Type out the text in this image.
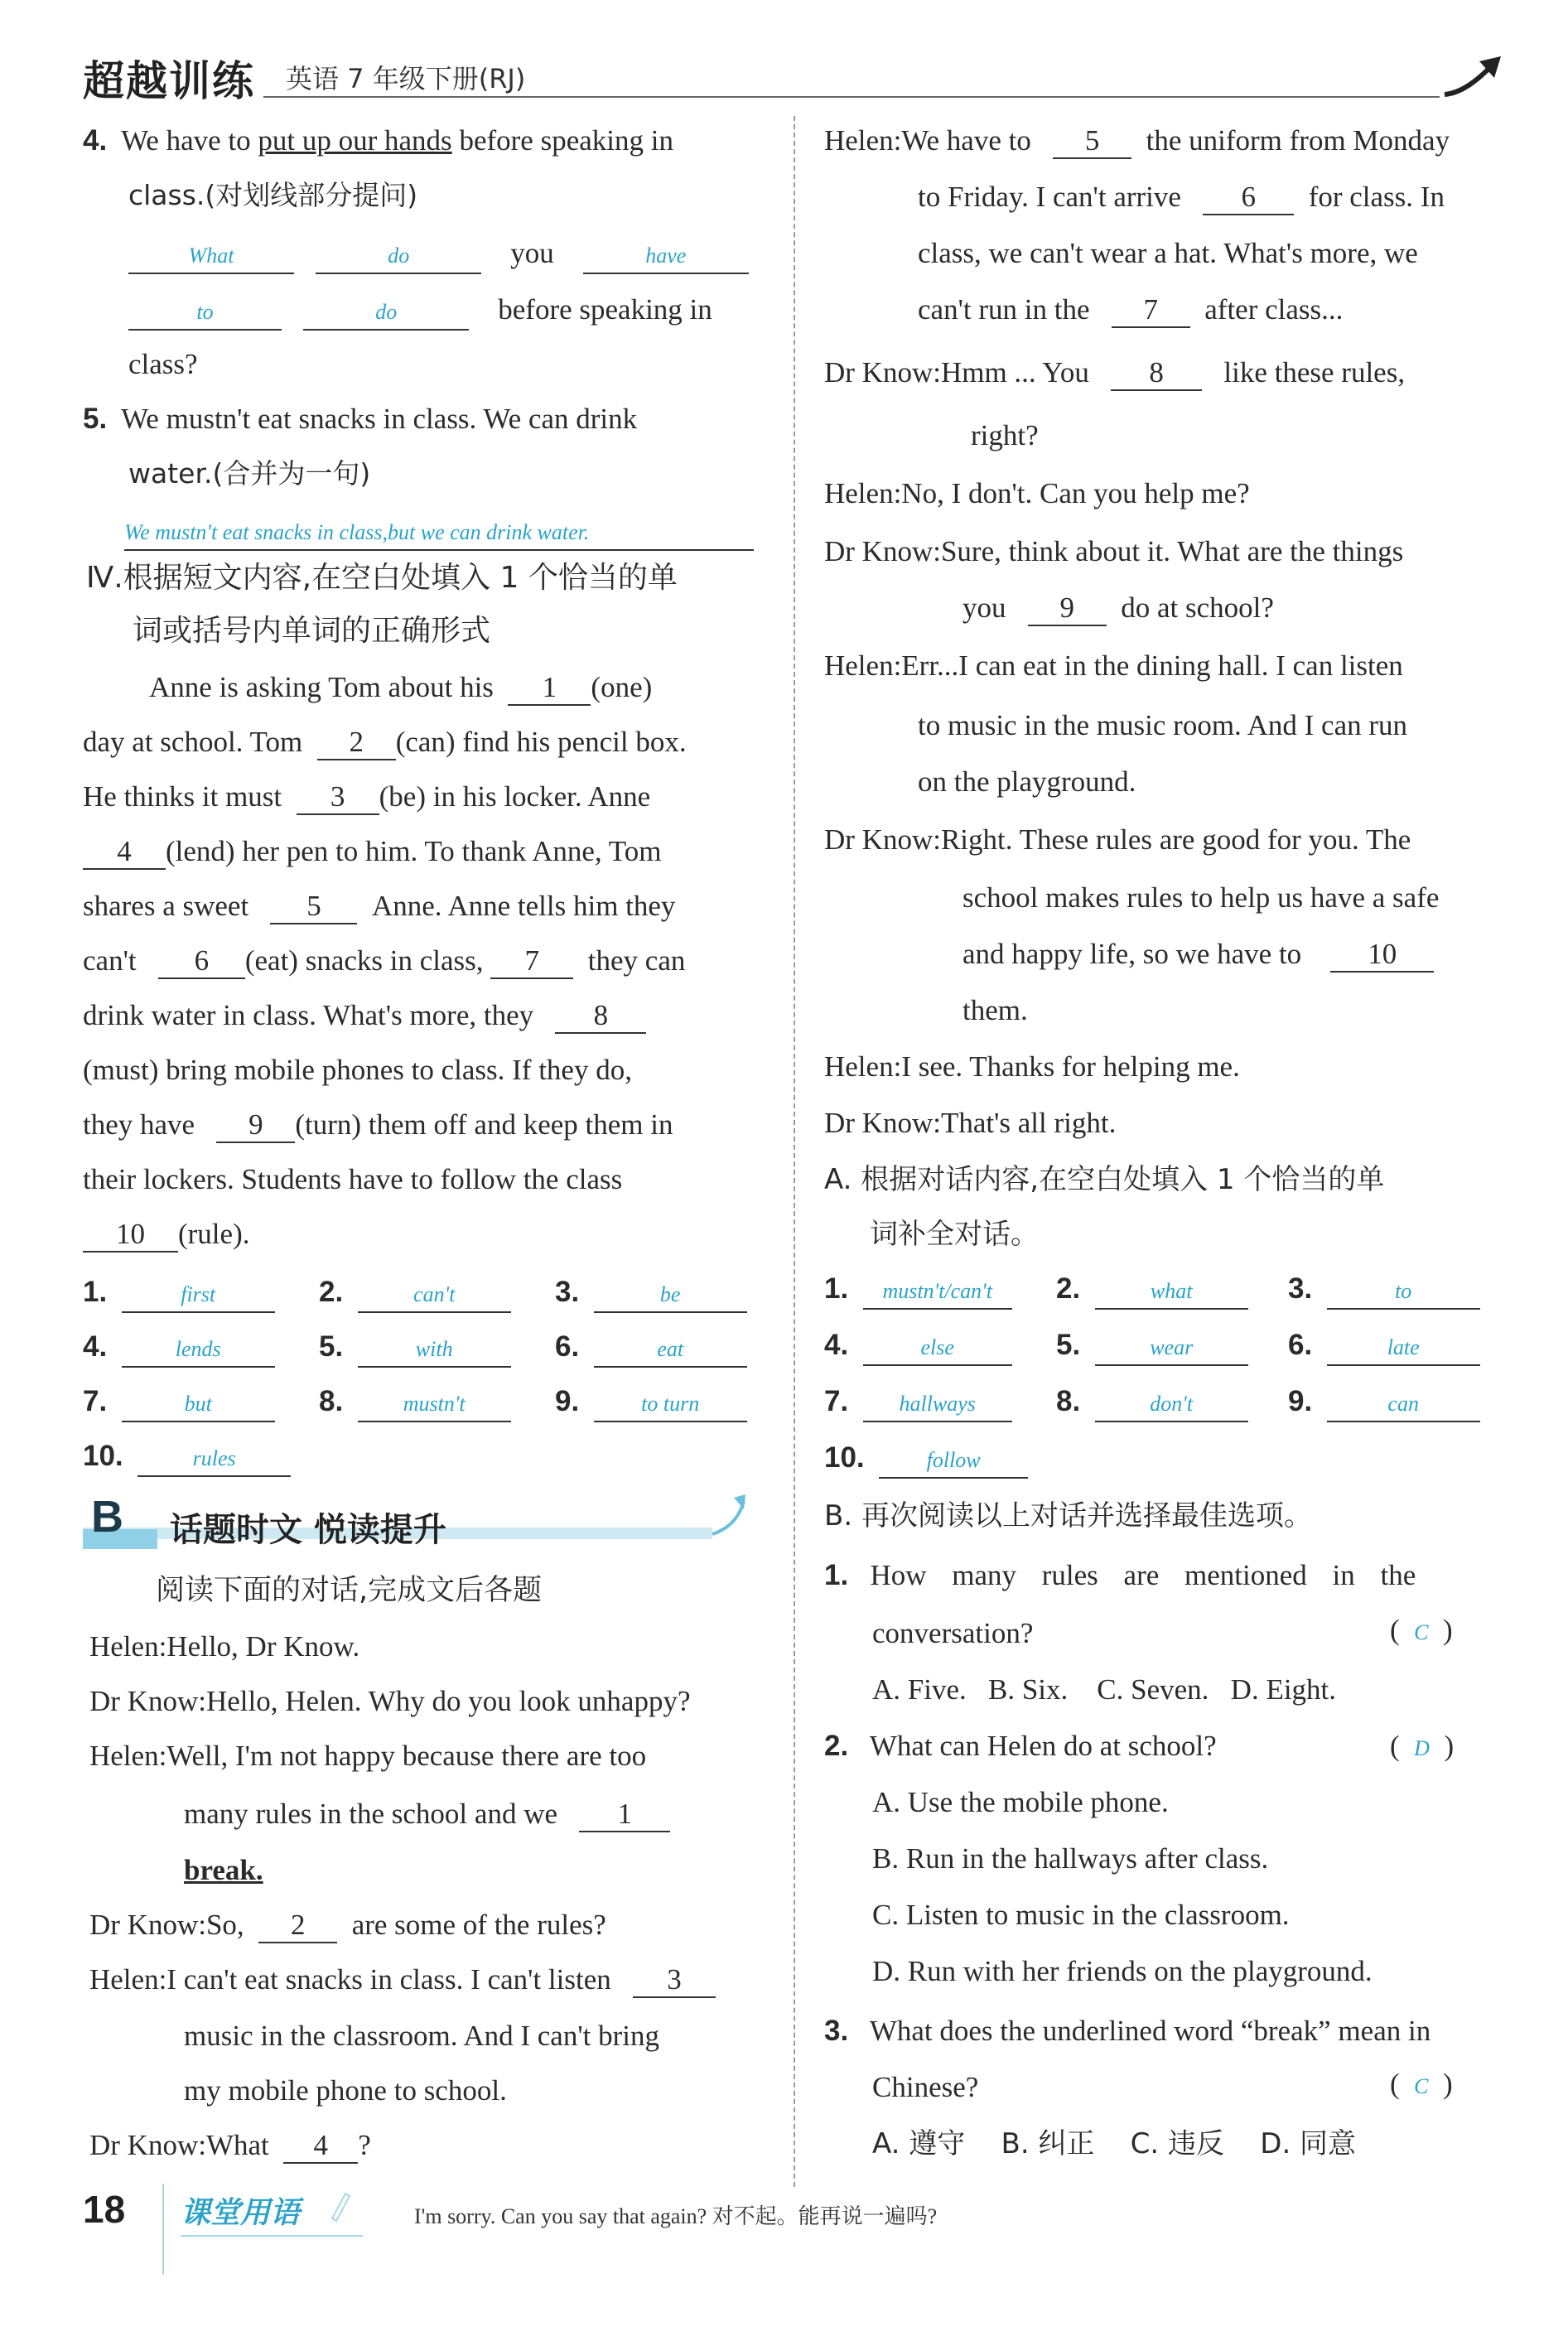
超越训练 英语 7 年级下册(RJ)
4. We have to put up our hands before speaking in
class.(对划线部分提问)
What	do	you	have
to	do	before speaking in
class?
5. We mustn't eat snacks in class. We can drink
water.(合并为一句)
We mustn't eat snacks in class,but we can drink water.
Ⅳ.根据短文内容,在空白处填入 1 个恰当的单
词或括号内单词的正确形式
Anne is asking Tom about his 1 (one)
day at school. Tom 2 (can) find his pencil box.
He thinks it must 3 (be) in his locker. Anne
4 (lend) her pen to him. To thank Anne, Tom
shares a sweet 5 Anne. Anne tells him they
can't 6 (eat) snacks in class, 7 they can
drink water in class. What's more, they 8
(must) bring mobile phones to class. If they do,
they have 9 (turn) them off and keep them in
their lockers. Students have to follow the class
10 (rule).
1.	first	2.	can't	3.	be
4.	lends	5.	with	6.	eat
7.	but	8.	mustn't	9.	to turn
10.	rules
B 话题时文 悦读提升
阅读下面的对话,完成文后各题
Helen:Hello, Dr Know.
Dr Know:Hello, Helen. Why do you look unhappy?
Helen:Well, I'm not happy because there are too
many rules in the school and we 1
break.
Dr Know:So, 2 are some of the rules?
Helen:I can't eat snacks in class. I can't listen 3
music in the classroom. And I can't bring
my mobile phone to school.
Dr Know:What 4 ?
Helen:We have to 5 the uniform from Monday
to Friday. I can't arrive 6 for class. In
class, we can't wear a hat. What's more, we
can't run in the 7 after class...
Dr Know:Hmm ... You 8 like these rules,
right?
Helen:No, I don't. Can you help me?
Dr Know:Sure, think about it. What are the things
you 9 do at school?
Helen:Err...I can eat in the dining hall. I can listen
to music in the music room. And I can run
on the playground.
Dr Know:Right. These rules are good for you. The
school makes rules to help us have a safe
and happy life, so we have to 10
them.
Helen:I see. Thanks for helping me.
Dr Know:That's all right.
A. 根据对话内容,在空白处填入 1 个恰当的单
词补全对话。
1. mustn't/can't	2.	what	3.	to
4.	else	5.	wear	6.	late
7. hallways	8.	don't	9.	can
10.	follow
B. 再次阅读以上对话并选择最佳选项。
1. How many rules are mentioned in the
conversation?	(  C  )
A. Five.   B. Six.    C. Seven.   D. Eight.
2. What can Helen do at school?	(  D  )
A. Use the mobile phone.
B. Run in the hallways after class.
C. Listen to music in the classroom.
D. Run with her friends on the playground.
3. What does the underlined word “break” mean in
Chinese?	(  C  )
A. 遵守    B. 纠正    C. 违反    D. 同意
18 课堂用语	I'm sorry. Can you say that again? 对不起。能再说一遍吗?
